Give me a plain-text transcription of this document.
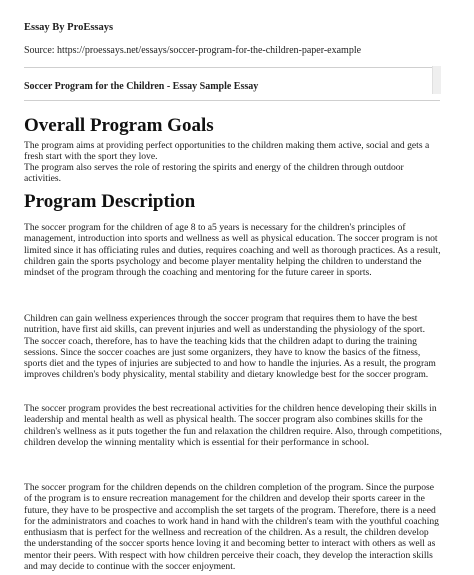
Essay By ProEssays
Source: https://proessays.net/essays/soccer-program-for-the-children-paper-example
Soccer Program for the Children - Essay Sample Essay
Overall Program Goals
The program aims at providing perfect opportunities to the children making them active, social and gets a fresh start with the sport they love.
The program also serves the role of restoring the spirits and energy of the children through outdoor activities.
Program Description
The soccer program for the children of age 8 to a5 years is necessary for the children's principles of management, introduction into sports and wellness as well as physical education. The soccer program is not limited since it has officiating rules and duties, requires coaching and well as thorough practices. As a result, children gain the sports psychology and become player mentality helping the children to understand the mindset of the program through the coaching and mentoring for the future career in sports.
Children can gain wellness experiences through the soccer program that requires them to have the best nutrition, have first aid skills, can prevent injuries and well as understanding the physiology of the sport. The soccer coach, therefore, has to have the teaching kids that the children adapt to during the training sessions. Since the soccer coaches are just some organizers, they have to know the basics of the fitness, sports diet and the types of injuries are subjected to and how to handle the injuries. As a result, the program improves children's body physicality, mental stability and dietary knowledge best for the soccer program.
The soccer program provides the best recreational activities for the children hence developing their skills in leadership and mental health as well as physical health. The soccer program also combines skills for the children's wellness as it puts together the fun and relaxation the children require. Also, through competitions, children develop the winning mentality which is essential for their performance in school.
The soccer program for the children depends on the children completion of the program. Since the purpose of the program is to ensure recreation management for the children and develop their sports career in the future, they have to be prospective and accomplish the set targets of the program. Therefore, there is a need for the administrators and coaches to work hand in hand with the children's team with the youthful coaching enthusiasm that is perfect for the wellness and recreation of the children. As a result, the children develop the understanding of the soccer sports hence loving it and becoming better to interact with others as well as mentor their peers. With respect with how children perceive their coach, they develop the interaction skills and may decide to continue with the soccer enjoyment.
